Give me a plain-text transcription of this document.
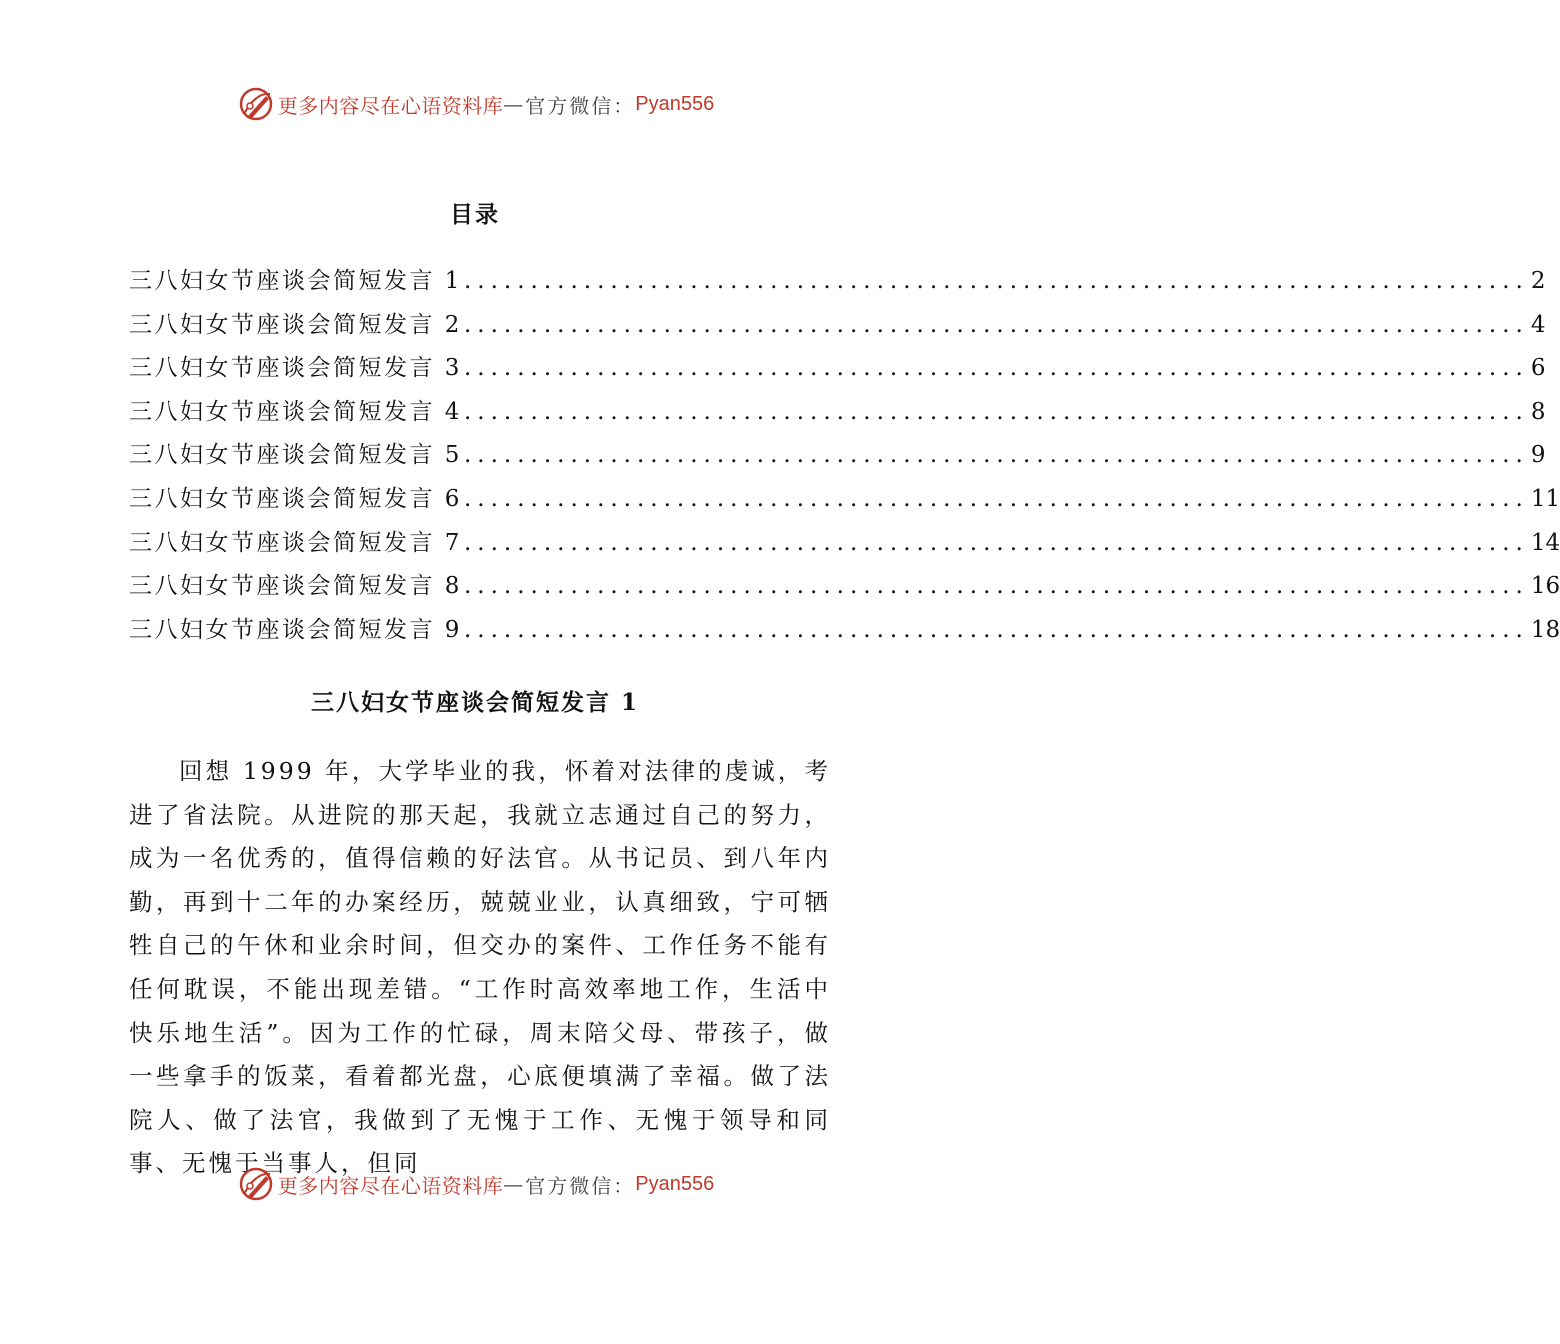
更多内容尽在心语资料库 — 官方微信： Pyan556
目录
三八妇女节座谈会简短发言 1 ................................................................................ 2
三八妇女节座谈会简短发言 2 ................................................................................ 4
三八妇女节座谈会简短发言 3 ................................................................................ 6
三八妇女节座谈会简短发言 4 ................................................................................ 8
三八妇女节座谈会简短发言 5 ................................................................................ 9
三八妇女节座谈会简短发言 6 ................................................................................ 11
三八妇女节座谈会简短发言 7 ................................................................................ 14
三八妇女节座谈会简短发言 8 ................................................................................ 16
三八妇女节座谈会简短发言 9 ................................................................................ 18
三八妇女节座谈会简短发言 1

回想 1999 年，大学毕业的我，怀着对法律的虔诚，考进了省法院。从进院的那天起，我就立志通过自己的努力，成为一名优秀的，值得信赖的好法官。从书记员、到八年内勤，再到十二年的办案经历，兢兢业业，认真细致，宁可牺牲自己的午休和业余时间，但交办的案件、工作任务不能有任何耽误，不能出现差错。“工作时高效率地工作，生活中快乐地生活”。因为工作的忙碌，周末陪父母、带孩子，做一些拿手的饭菜，看着都光盘，心底便填满了幸福。做了法院人、做了法官，我做到了无愧于工作、无愧于领导和同事、无愧于当事人，但同

更多内容尽在心语资料库 — 官方微信： Pyan556
